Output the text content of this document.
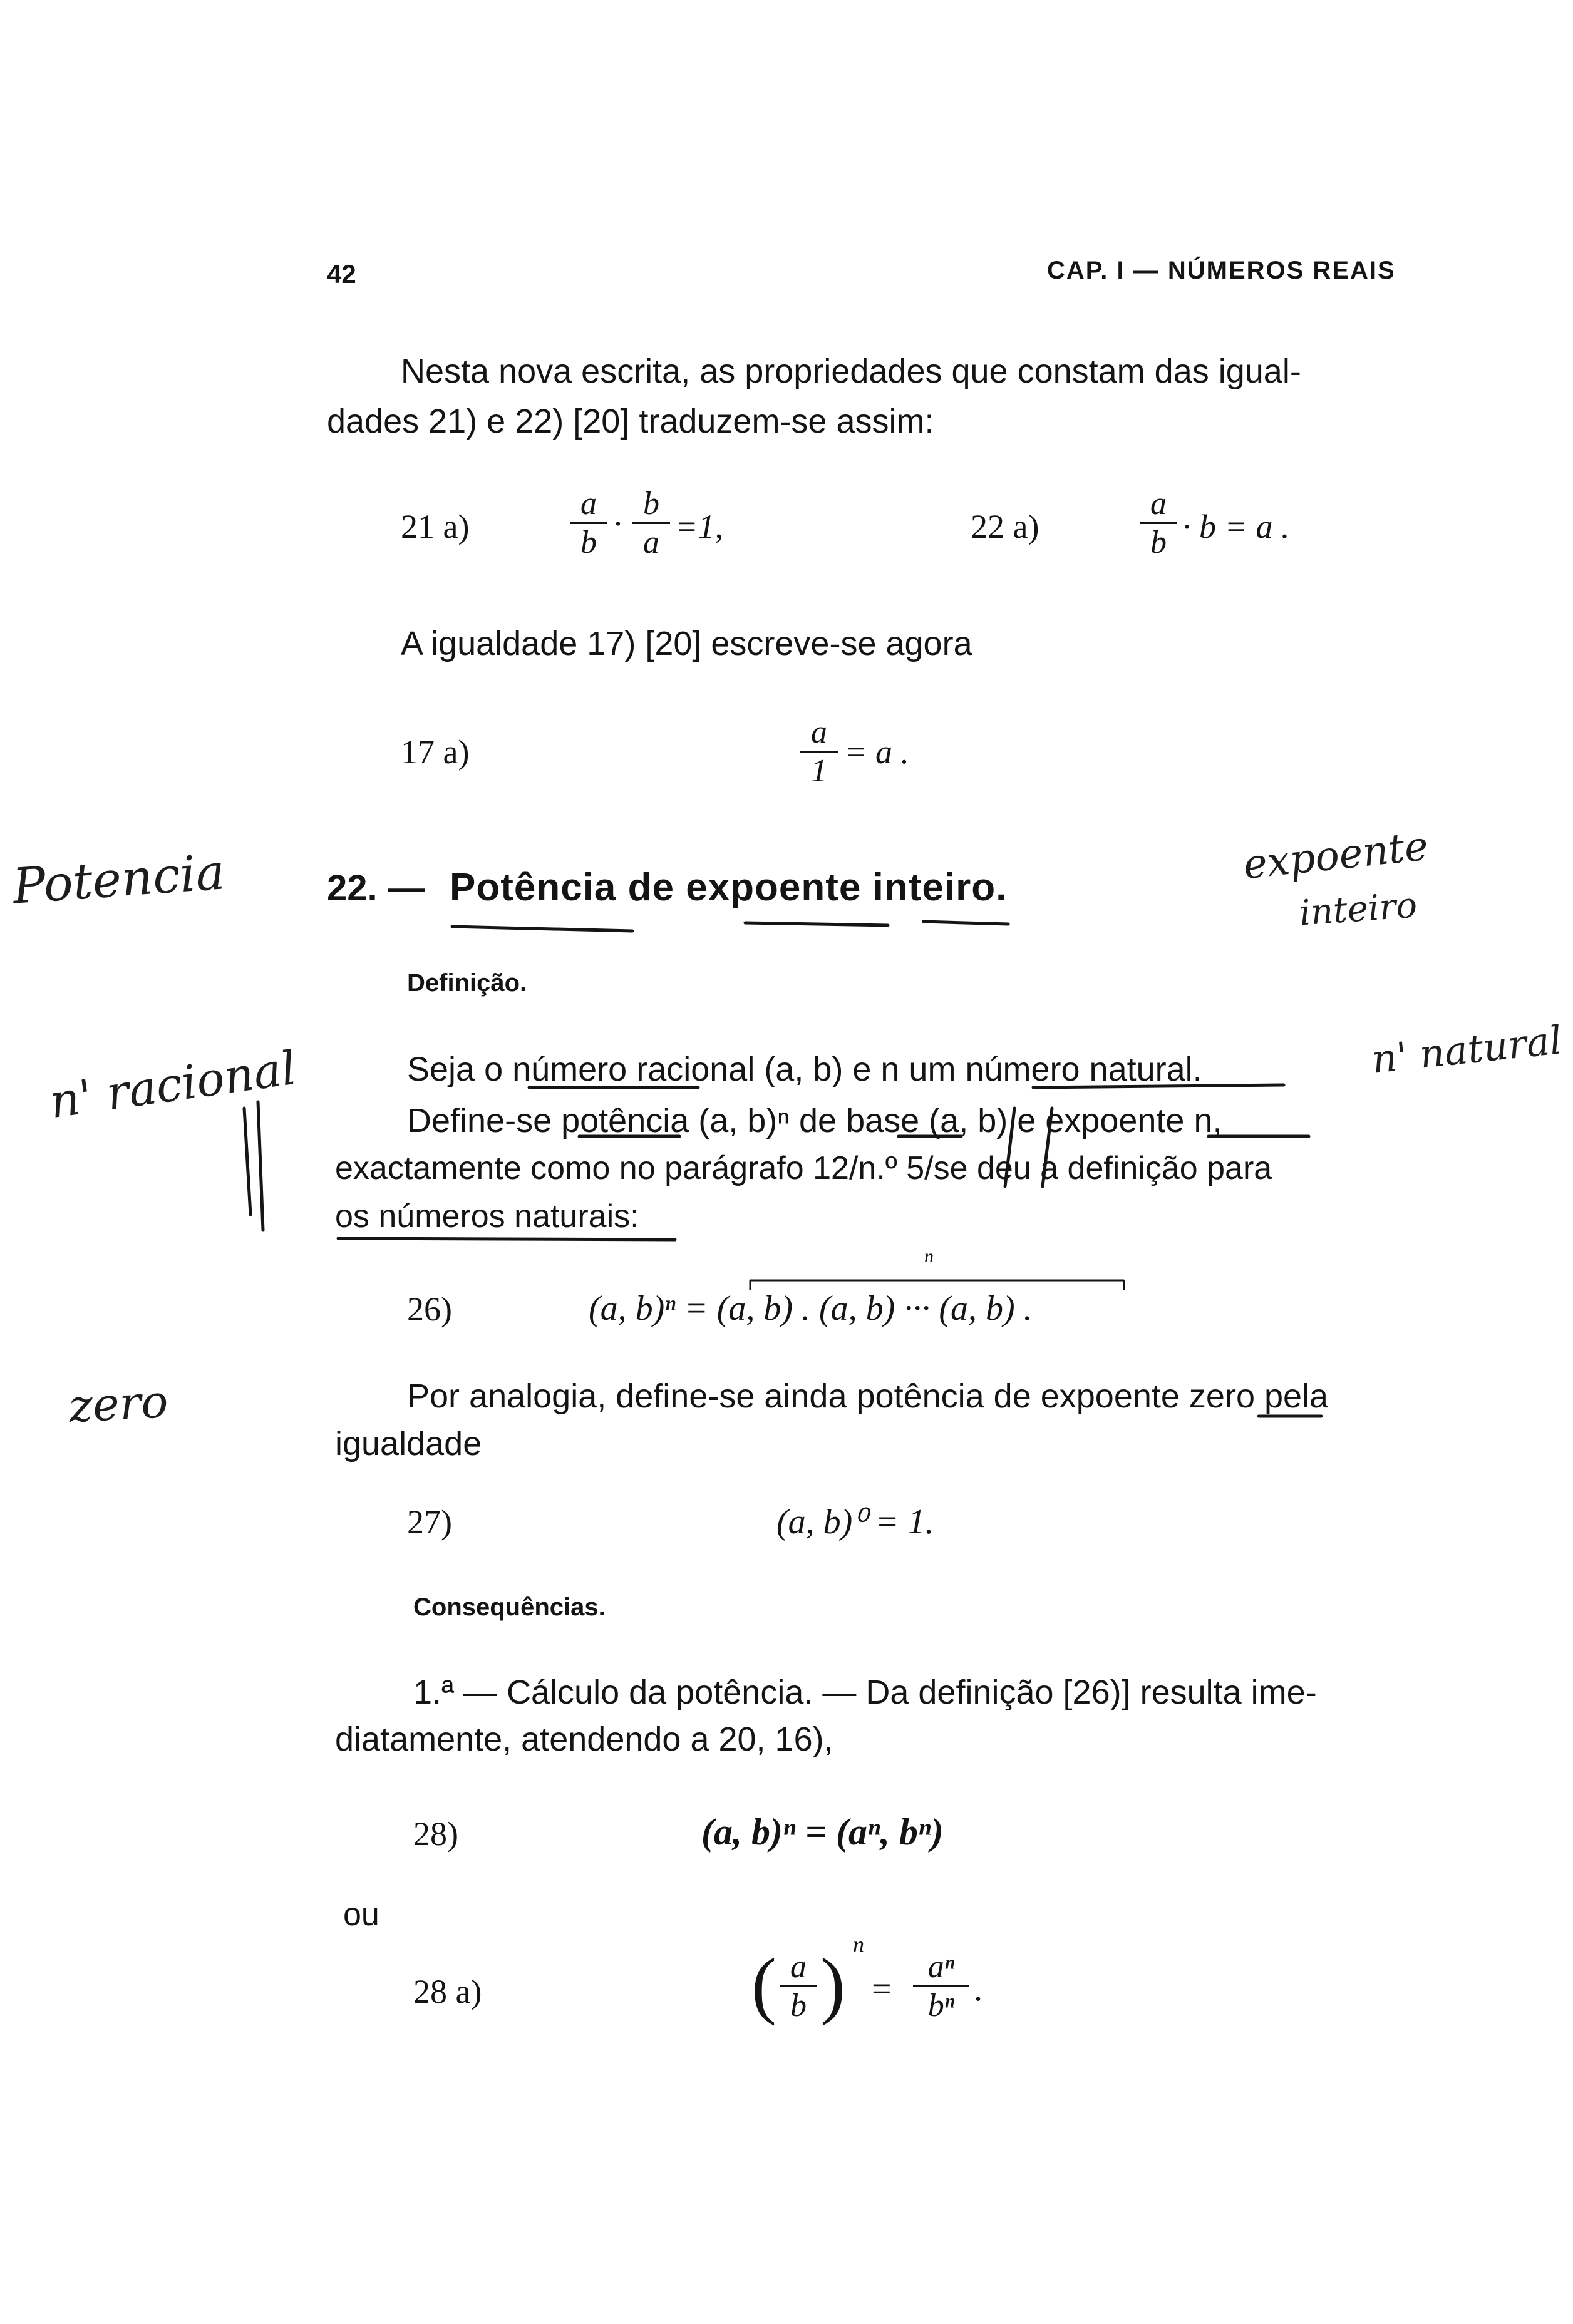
42	CAP. I — NÚMEROS REAIS
Nesta nova escrita, as propriedades que constam das igual-
dades 21) e 22) [20] traduzem-se assim:
21 a)	$\frac{a}{b} \cdot \frac{b}{a} =1$,	22 a)	$\frac{a}{b} \cdot b = a$ .
A igualdade 17) [20] escreve-se agora
17 a)	$\frac{a}{1} = a$ .
22. — Potência de expoente inteiro.
Definição.
Seja o número racional (a, b) e n um número natural.
Define-se potência (a, b)ⁿ de base (a, b) e expoente n,
exactamente como no parágrafo 12/n.º 5/se deu a definição para
os números naturais:
26)
n
(a, b)ⁿ = (a, b) . (a, b) ··· (a, b) .
Por analogia, define-se ainda potência de expoente zero pela
igualdade
27)	(a, b)⁰ = 1.
Consequências.
1.ª — Cálculo da potência. — Da definição [26)] resulta ime-
diatamente, atendendo a 20, 16),
28)	(a, b)ⁿ = (aⁿ, bⁿ)
ou
28 a)	( $\frac{a}{b}$ ) n
= $\frac{\text{aⁿ}}{\text{bⁿ}}$ .
Potencia	expoente
inteiro
n' racional	n' natural
zero
